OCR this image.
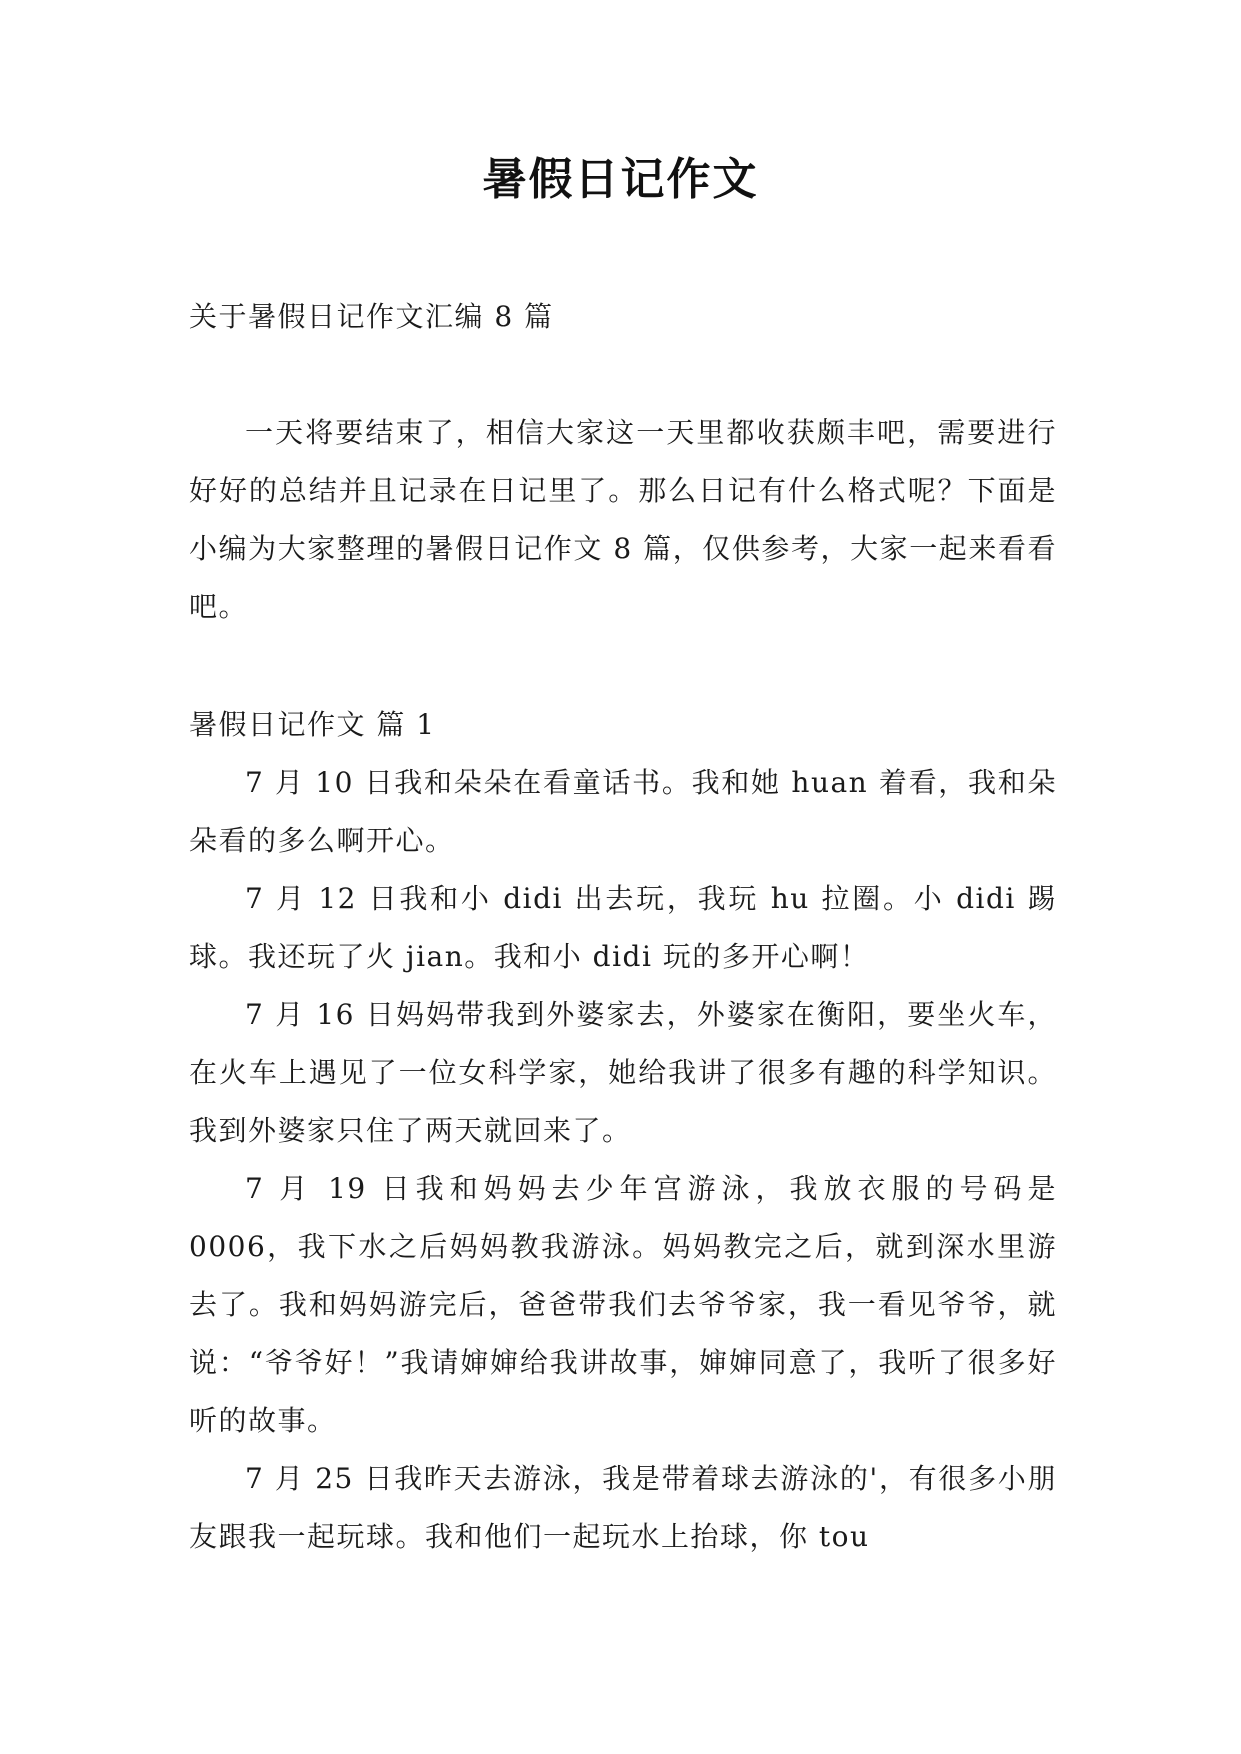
暑假日记作文

关于暑假日记作文汇编 8 篇

一天将要结束了，相信大家这一天里都收获颇丰吧，需要进行好好的总结并且记录在日记里了。那么日记有什么格式呢？下面是小编为大家整理的暑假日记作文 8 篇，仅供参考，大家一起来看看吧。

暑假日记作文 篇 1

7 月 10 日我和朵朵在看童话书。我和她 huan 着看，我和朵朵看的多么啊开心。

7 月 12 日我和小 didi 出去玩，我玩 hu 拉圈。小 didi 踢球。我还玩了火 jian。我和小 didi 玩的多开心啊！

7 月 16 日妈妈带我到外婆家去，外婆家在衡阳，要坐火车，在火车上遇见了一位女科学家，她给我讲了很多有趣的科学知识。我到外婆家只住了两天就回来了。

7 月 19 日我和妈妈去少年宫游泳，我放衣服的号码是 0006，我下水之后妈妈教我游泳。妈妈教完之后，就到深水里游去了。我和妈妈游完后，爸爸带我们去爷爷家，我一看见爷爷，就说：“爷爷好！”我请婶婶给我讲故事，婶婶同意了，我听了很多好听的故事。

7 月 25 日我昨天去游泳，我是带着球去游泳的'，有很多小朋友跟我一起玩球。我和他们一起玩水上抬球，你 tou
